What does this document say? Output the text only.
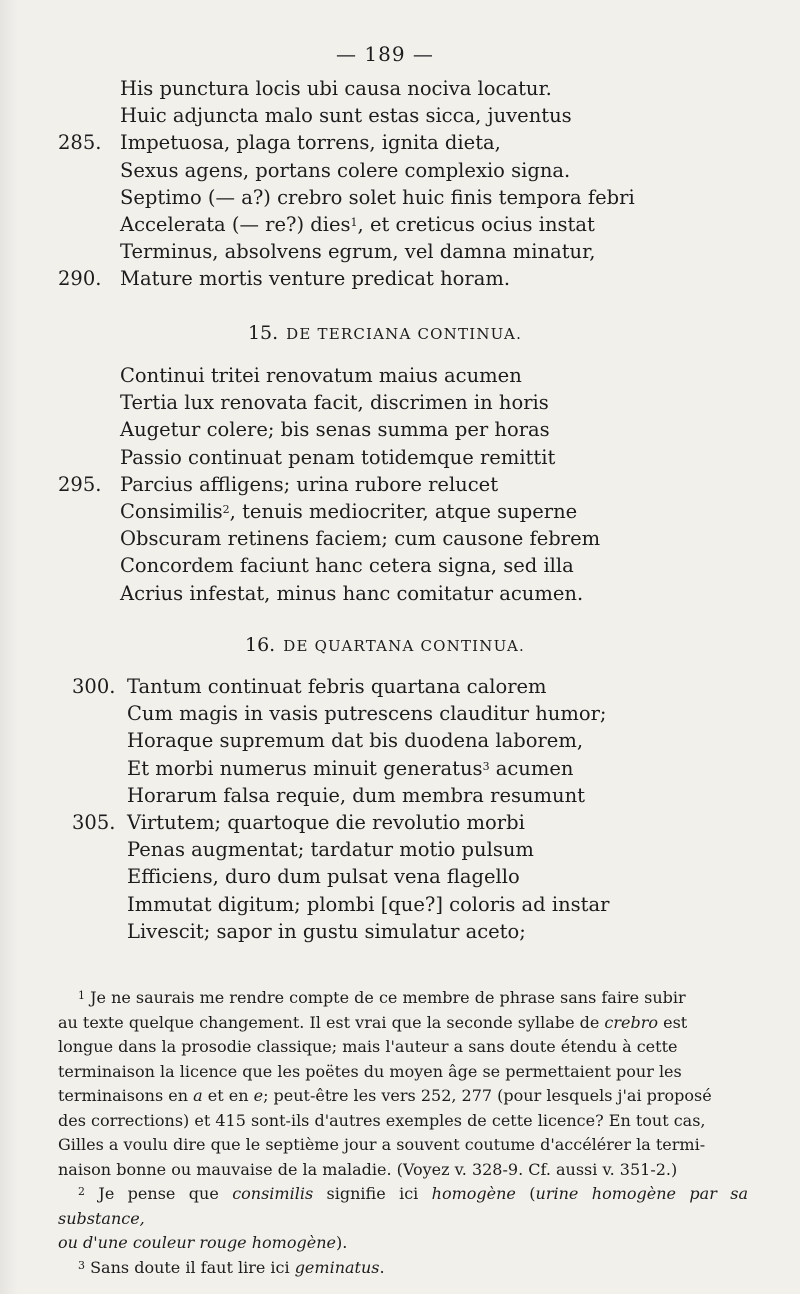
— 189 —
His punctura locis ubi causa nociva locatur.
Huic adjuncta malo sunt estas sicca, juventus
285. Impetuosa, plaga torrens, ignita dieta,
Sexus agens, portans colere complexio signa.
Septimo (— a?) crebro solet huic finis tempora febri
Accelerata (— re?) dies$^1$, et creticus ocius instat
Terminus, absolvens egrum, vel damna minatur,
290. Mature mortis venture predicat horam.
15. DE TERCIANA CONTINUA.
Continui tritei renovatum maius acumen
Tertia lux renovata facit, discrimen in horis
Augetur colere; bis senas summa per horas
Passio continuat penam totidemque remittit
295. Parcius affligens; urina rubore relucet
Consimilis$^2$, tenuis mediocriter, atque superne
Obscuram retinens faciem; cum causone febrem
Concordem faciunt hanc cetera signa, sed illa
Acrius infestat, minus hanc comitatur acumen.
16. DE QUARTANA CONTINUA.
300. Tantum continuat febris quartana calorem
Cum magis in vasis putrescens clauditur humor;
Horaque supremum dat bis duodena laborem,
Et morbi numerus minuit generatus$^3$ acumen
Horarum falsa requie, dum membra resumunt
305. Virtutem; quartoque die revolutio morbi
Penas augmentat; tardatur motio pulsum
Efficiens, duro dum pulsat vena flagello
Immutat digitum; plombi [que?] coloris ad instar
Livescit; sapor in gustu simulatur aceto;
$^1$ Je ne saurais me rendre compte de ce membre de phrase sans faire subir
au texte quelque changement. Il est vrai que la seconde syllabe de crebro est
longue dans la prosodie classique; mais l'auteur a sans doute étendu à cette
terminaison la licence que les poëtes du moyen âge se permettaient pour les
terminaisons en a et en e; peut-être les vers 252, 277 (pour lesquels j'ai proposé
des corrections) et 415 sont-ils d'autres exemples de cette licence? En tout cas,
Gilles a voulu dire que le septième jour a souvent coutume d'accélérer la termi-
naison bonne ou mauvaise de la maladie. (Voyez v. 328-9. Cf. aussi v. 351-2.)
$^2$ Je pense que consimilis signifie ici homogène (urine homogène par sa substance,
ou d'une couleur rouge homogène).
$^3$ Sans doute il faut lire ici geminatus.
